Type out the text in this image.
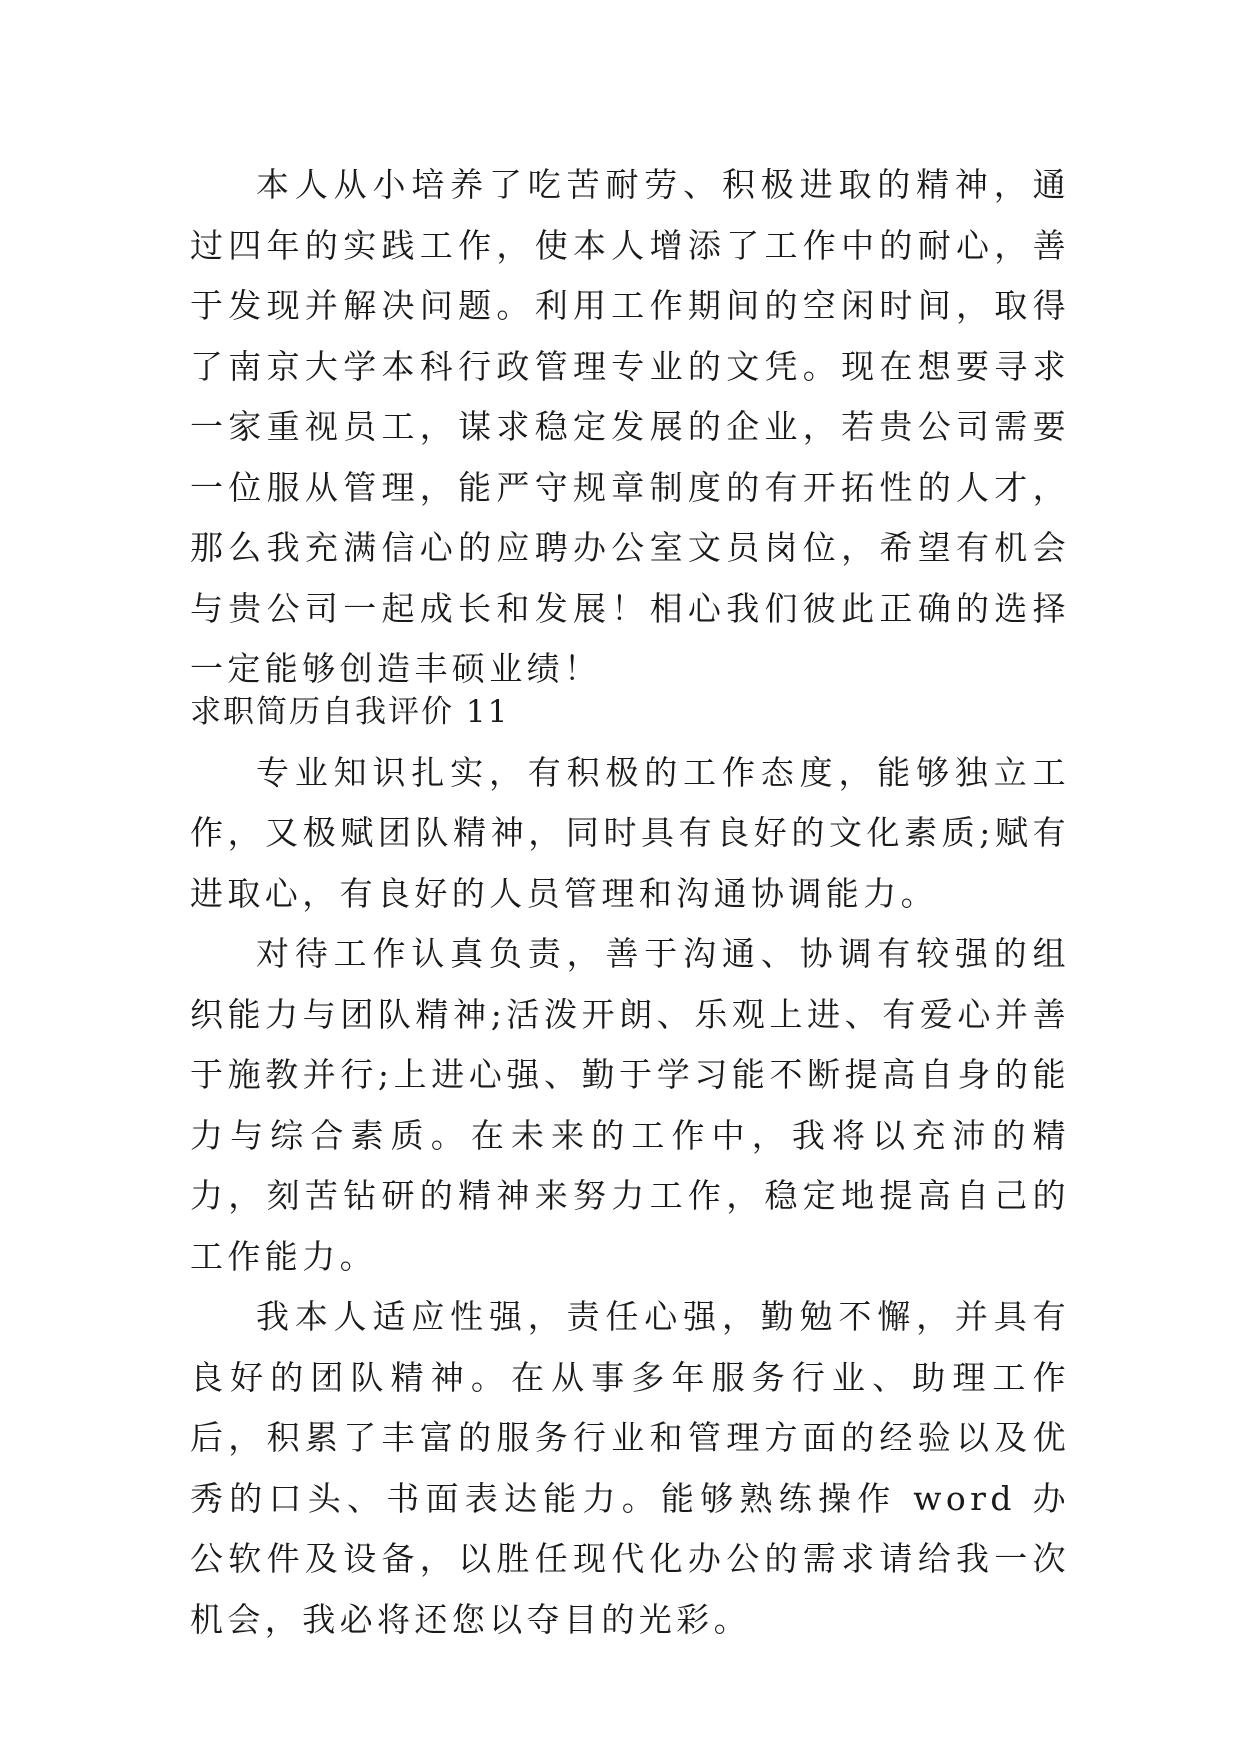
本人从小培养了吃苦耐劳、积极进取的精神，通过四年的实践工作，使本人增添了工作中的耐心，善于发现并解决问题。利用工作期间的空闲时间，取得了南京大学本科行政管理专业的文凭。现在想要寻求一家重视员工，谋求稳定发展的企业，若贵公司需要一位服从管理，能严守规章制度的有开拓性的人才，那么我充满信心的应聘办公室文员岗位，希望有机会与贵公司一起成长和发展！相心我们彼此正确的选择一定能够创造丰硕业绩！

求职简历自我评价 11

专业知识扎实，有积极的工作态度，能够独立工作，又极赋团队精神，同时具有良好的文化素质;赋有进取心，有良好的人员管理和沟通协调能力。

对待工作认真负责，善于沟通、协调有较强的组织能力与团队精神;活泼开朗、乐观上进、有爱心并善于施教并行;上进心强、勤于学习能不断提高自身的能力与综合素质。在未来的工作中，我将以充沛的精力，刻苦钻研的精神来努力工作，稳定地提高自己的工作能力。

我本人适应性强，责任心强，勤勉不懈，并具有良好的团队精神。在从事多年服务行业、助理工作后，积累了丰富的服务行业和管理方面的经验以及优秀的口头、书面表达能力。能够熟练操作 word 办公软件及设备，以胜任现代化办公的需求请给我一次机会，我必将还您以夺目的光彩。
